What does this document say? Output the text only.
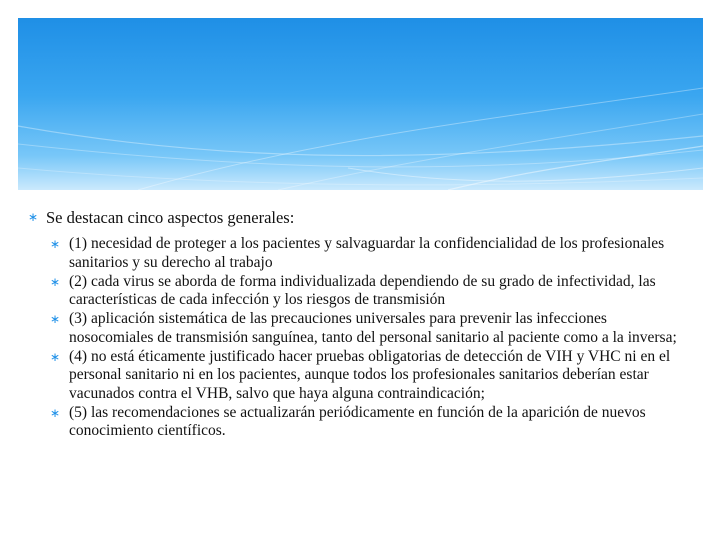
∗ Se destacan cinco aspectos generales:
∗ (1) necesidad de proteger a los pacientes y salvaguardar la confidencialidad de los profesionales sanitarios y su derecho al trabajo
∗ (2) cada virus se aborda de forma individualizada dependiendo de su grado de infectividad, las características de cada infección y los riesgos de transmisión
∗ (3) aplicación sistemática de las precauciones universales para prevenir las infecciones nosocomiales de transmisión sanguínea, tanto del personal sanitario al paciente como a la inversa;
∗ (4) no está éticamente justificado hacer pruebas obligatorias de detección de VIH y VHC ni en el personal sanitario ni en los pacientes, aunque todos los profesionales sanitarios deberían estar vacunados contra el VHB, salvo que haya alguna contraindicación;
∗ (5) las recomendaciones se actualizarán periódicamente en función de la aparición de nuevos conocimiento científicos.
